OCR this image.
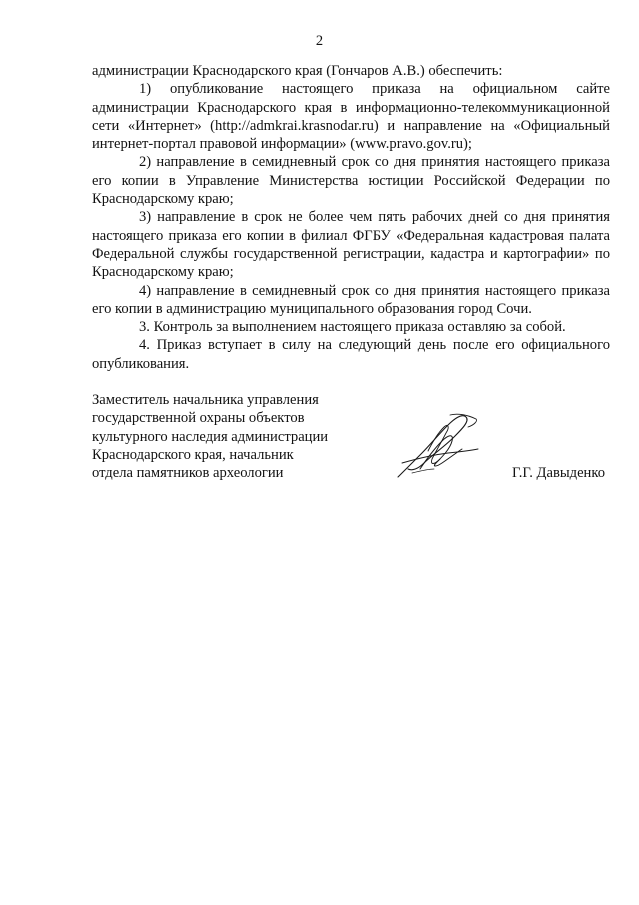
2

администрации Краснодарского края (Гончаров А.В.) обеспечить:

1) опубликование настоящего приказа на официальном сайте администрации Краснодарского края в информационно-телекоммуникационной сети «Интернет» (http://admkrai.krasnodar.ru) и направление на «Официальный интернет-портал правовой информации» (www.pravo.gov.ru);

2) направление в семидневный срок со дня принятия настоящего приказа его копии в Управление Министерства юстиции Российской Федерации по Краснодарскому краю;

3) направление в срок не более чем пять рабочих дней со дня принятия настоящего приказа его копии в филиал ФГБУ «Федеральная кадастровая палата Федеральной службы государственной регистрации, кадастра и картографии» по Краснодарскому краю;

4) направление в семидневный срок со дня принятия настоящего приказа его копии в администрацию муниципального образования город Сочи.

3. Контроль за выполнением настоящего приказа оставляю за собой.

4. Приказ вступает в силу на следующий день после его официального опубликования.

Заместитель начальника управления
государственной охраны объектов
культурного наследия администрации
Краснодарского края, начальник
отдела памятников археологии	Г.Г. Давыденко
